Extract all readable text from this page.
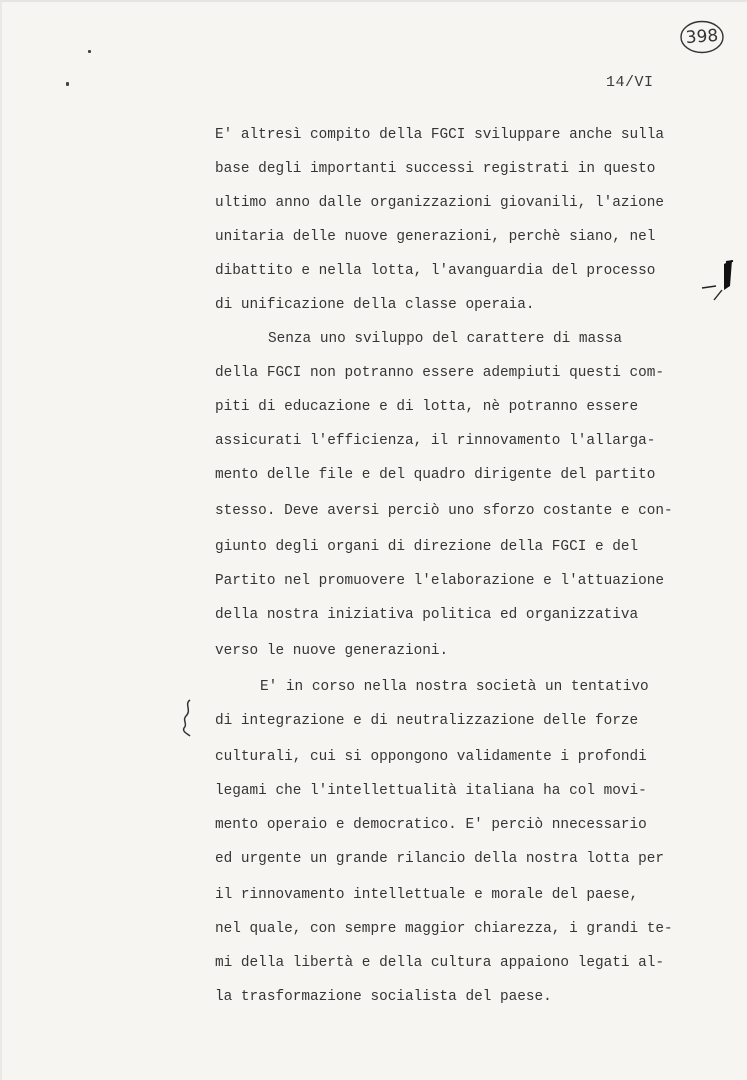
398
14/VI
E' altresì compito della FGCI sviluppare anche sulla
base degli importanti successi registrati in questo
ultimo anno dalle organizzazioni giovanili, l'azione
unitaria delle nuove generazioni, perchè siano, nel
dibattito e nella lotta, l'avanguardia del processo
di unificazione della classe operaia.
Senza uno sviluppo del carattere di massa
della FGCI non potranno essere adempiuti questi com-
piti di educazione e di lotta, nè potranno essere
assicurati l'efficienza, il rinnovamento l'allarga-
mento delle file e del quadro dirigente del partito
stesso. Deve aversi perciò uno sforzo costante e con-
giunto degli organi di direzione della FGCI e del
Partito nel promuovere l'elaborazione e l'attuazione
della nostra iniziativa politica ed organizzativa
verso le nuove generazioni.
E' in corso nella nostra società un tentativo
di integrazione e di neutralizzazione delle forze
culturali, cui si oppongono validamente i profondi
legami che l'intellettualità italiana ha col movi-
mento operaio e democratico. E' perciò nnecessario
ed urgente un grande rilancio della nostra lotta per
il rinnovamento intellettuale e morale del paese,
nel quale, con sempre maggior chiarezza, i grandi te-
mi della libertà e della cultura appaiono legati al-
la trasformazione socialista del paese.
